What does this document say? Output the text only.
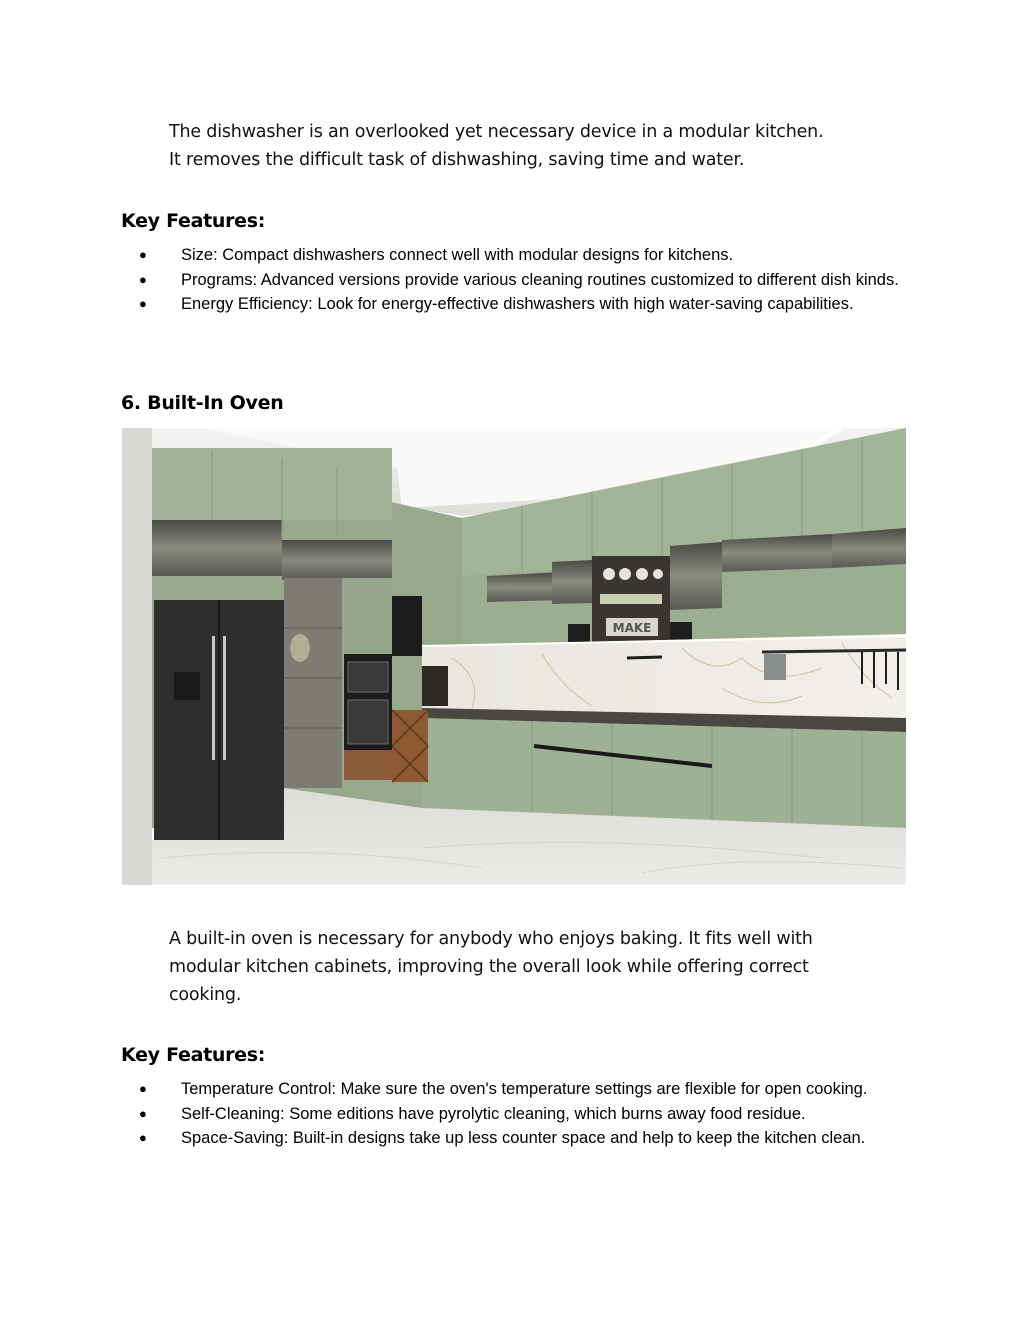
The dishwasher is an overlooked yet necessary device in a modular kitchen.

It removes the difficult task of dishwashing, saving time and water.

Key Features:
● Size: Compact dishwashers connect well with modular designs for kitchens.
● Programs: Advanced versions provide various cleaning routines customized to different dish kinds.
● Energy Efficiency: Look for energy-effective dishwashers with high water-saving capabilities.
6. Built-In Oven
MAKE

A built-in oven is necessary for anybody who enjoys baking. It fits well with

modular kitchen cabinets, improving the overall look while offering correct

cooking.

Key Features:
● Temperature Control: Make sure the oven's temperature settings are flexible for open cooking.
● Self-Cleaning: Some editions have pyrolytic cleaning, which burns away food residue.
● Space-Saving: Built-in designs take up less counter space and help to keep the kitchen clean.
